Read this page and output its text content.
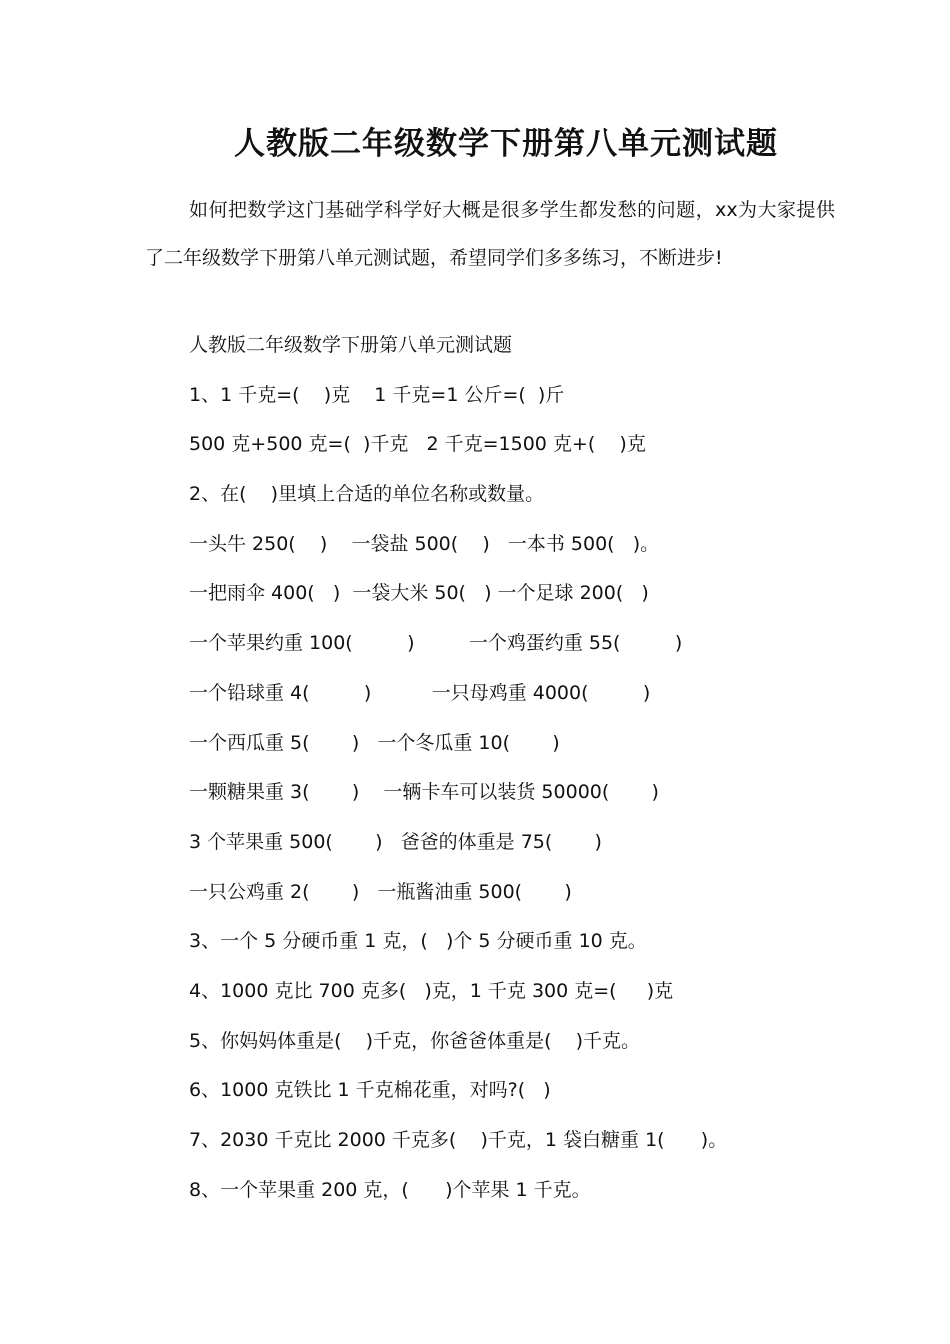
人教版二年级数学下册第八单元测试题
如何把数学这门基础学科学好大概是很多学生都发愁的问题，xx为大家提供了二年级数学下册第八单元测试题，希望同学们多多练习，不断进步!
人教版二年级数学下册第八单元测试题
1、1 千克=(    )克    1 千克=1 公斤=(  )斤
500 克+500 克=(  )千克   2 千克=1500 克+(    )克
2、在(    )里填上合适的单位名称或数量。
一头牛 250(    )    一袋盐 500(    )   一本书 500(   )。
一把雨伞 400(   )  一袋大米 50(   ) 一个足球 200(   )
一个苹果约重 100(         )         一个鸡蛋约重 55(         )
一个铅球重 4(         )          一只母鸡重 4000(         )
一个西瓜重 5(       )   一个冬瓜重 10(       )
一颗糖果重 3(       )    一辆卡车可以装货 50000(       )
3 个苹果重 500(       )   爸爸的体重是 75(       )
一只公鸡重 2(       )   一瓶酱油重 500(       )
3、一个 5 分硬币重 1 克，(   )个 5 分硬币重 10 克。
4、1000 克比 700 克多(   )克，1 千克 300 克=(     )克
5、你妈妈体重是(    )千克，你爸爸体重是(    )千克。
6、1000 克铁比 1 千克棉花重，对吗?(   )
7、2030 千克比 2000 千克多(    )千克，1 袋白糖重 1(      )。
8、一个苹果重 200 克，(      )个苹果 1 千克。
